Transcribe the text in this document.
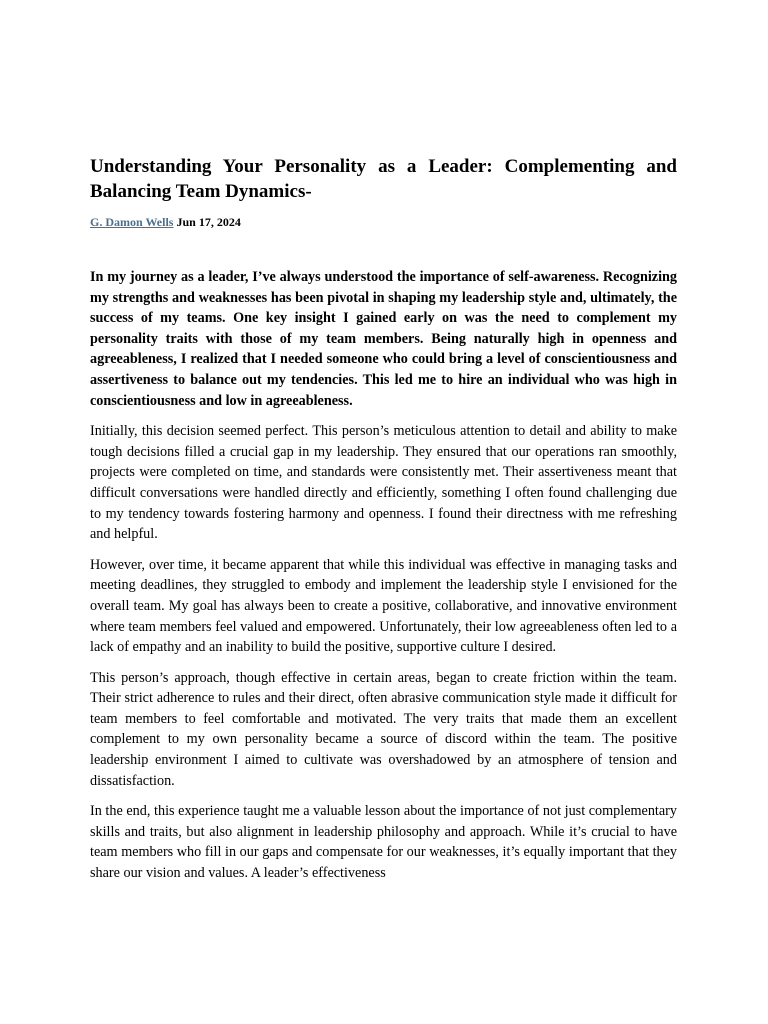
Understanding Your Personality as a Leader: Complementing and Balancing Team Dynamics-
G. Damon Wells Jun 17, 2024

In my journey as a leader, I’ve always understood the importance of self-awareness. Recognizing my strengths and weaknesses has been pivotal in shaping my leadership style and, ultimately, the success of my teams. One key insight I gained early on was the need to complement my personality traits with those of my team members. Being naturally high in openness and agreeableness, I realized that I needed someone who could bring a level of conscientiousness and assertiveness to balance out my tendencies. This led me to hire an individual who was high in conscientiousness and low in agreeableness.

Initially, this decision seemed perfect. This person’s meticulous attention to detail and ability to make tough decisions filled a crucial gap in my leadership. They ensured that our operations ran smoothly, projects were completed on time, and standards were consistently met. Their assertiveness meant that difficult conversations were handled directly and efficiently, something I often found challenging due to my tendency towards fostering harmony and openness. I found their directness with me refreshing and helpful.

However, over time, it became apparent that while this individual was effective in managing tasks and meeting deadlines, they struggled to embody and implement the leadership style I envisioned for the overall team. My goal has always been to create a positive, collaborative, and innovative environment where team members feel valued and empowered. Unfortunately, their low agreeableness often led to a lack of empathy and an inability to build the positive, supportive culture I desired.

This person’s approach, though effective in certain areas, began to create friction within the team. Their strict adherence to rules and their direct, often abrasive communication style made it difficult for team members to feel comfortable and motivated. The very traits that made them an excellent complement to my own personality became a source of discord within the team. The positive leadership environment I aimed to cultivate was overshadowed by an atmosphere of tension and dissatisfaction.

In the end, this experience taught me a valuable lesson about the importance of not just complementary skills and traits, but also alignment in leadership philosophy and approach. While it’s crucial to have team members who fill in our gaps and compensate for our weaknesses, it’s equally important that they share our vision and values. A leader’s effectiveness
